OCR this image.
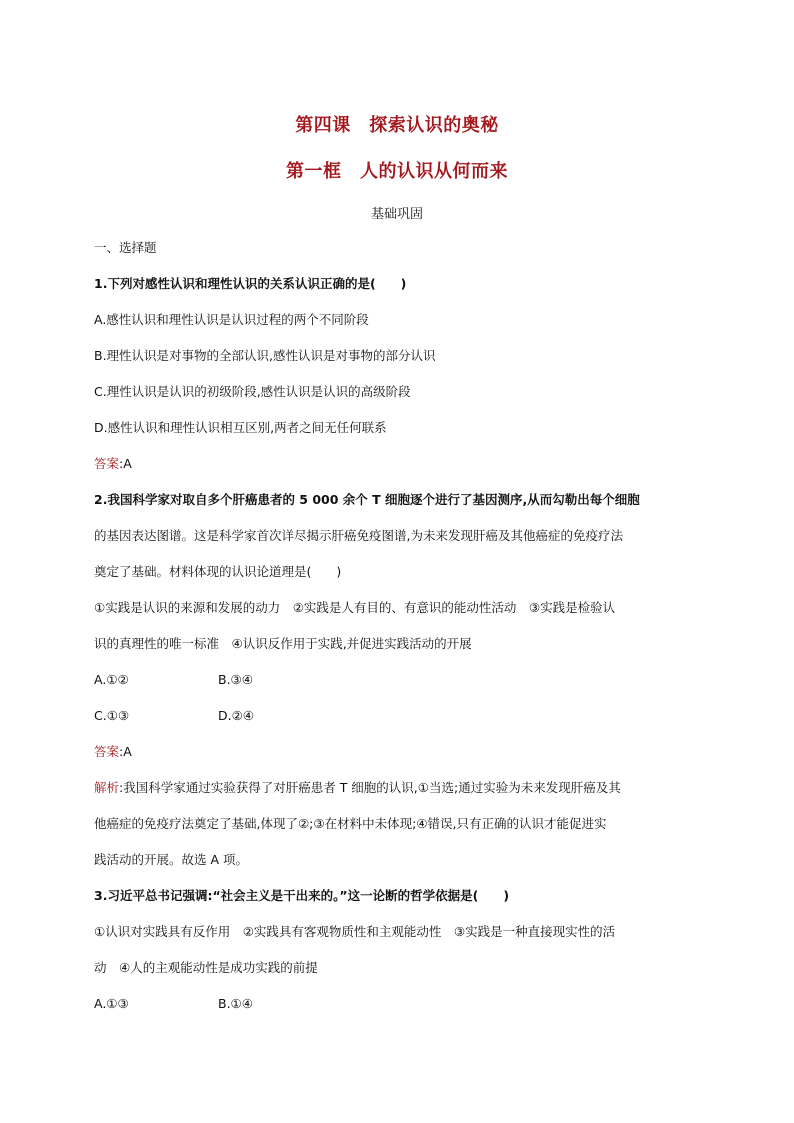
第四课　探索认识的奥秘
第一框　人的认识从何而来
基础巩固
一、选择题
1.下列对感性认识和理性认识的关系认识正确的是(　　)
A.感性认识和理性认识是认识过程的两个不同阶段
B.理性认识是对事物的全部认识,感性认识是对事物的部分认识
C.理性认识是认识的初级阶段,感性认识是认识的高级阶段
D.感性认识和理性认识相互区别,两者之间无任何联系
答案:A
2.我国科学家对取自多个肝癌患者的 5 000 余个 T 细胞逐个进行了基因测序,从而勾勒出每个细胞
的基因表达图谱。这是科学家首次详尽揭示肝癌免疫图谱,为未来发现肝癌及其他癌症的免疫疗法
奠定了基础。材料体现的认识论道理是(　　)
①实践是认识的来源和发展的动力　②实践是人有目的、有意识的能动性活动　③实践是检验认
识的真理性的唯一标准　④认识反作用于实践,并促进实践活动的开展
A.①②	B.③④
C.①③	D.②④
答案:A
解析:我国科学家通过实验获得了对肝癌患者 T 细胞的认识,①当选;通过实验为未来发现肝癌及其
他癌症的免疫疗法奠定了基础,体现了②;③在材料中未体现;④错误,只有正确的认识才能促进实
践活动的开展。故选 A 项。
3.习近平总书记强调:“社会主义是干出来的。”这一论断的哲学依据是(　　)
①认识对实践具有反作用　②实践具有客观物质性和主观能动性　③实践是一种直接现实性的活
动　④人的主观能动性是成功实践的前提
A.①③	B.①④
